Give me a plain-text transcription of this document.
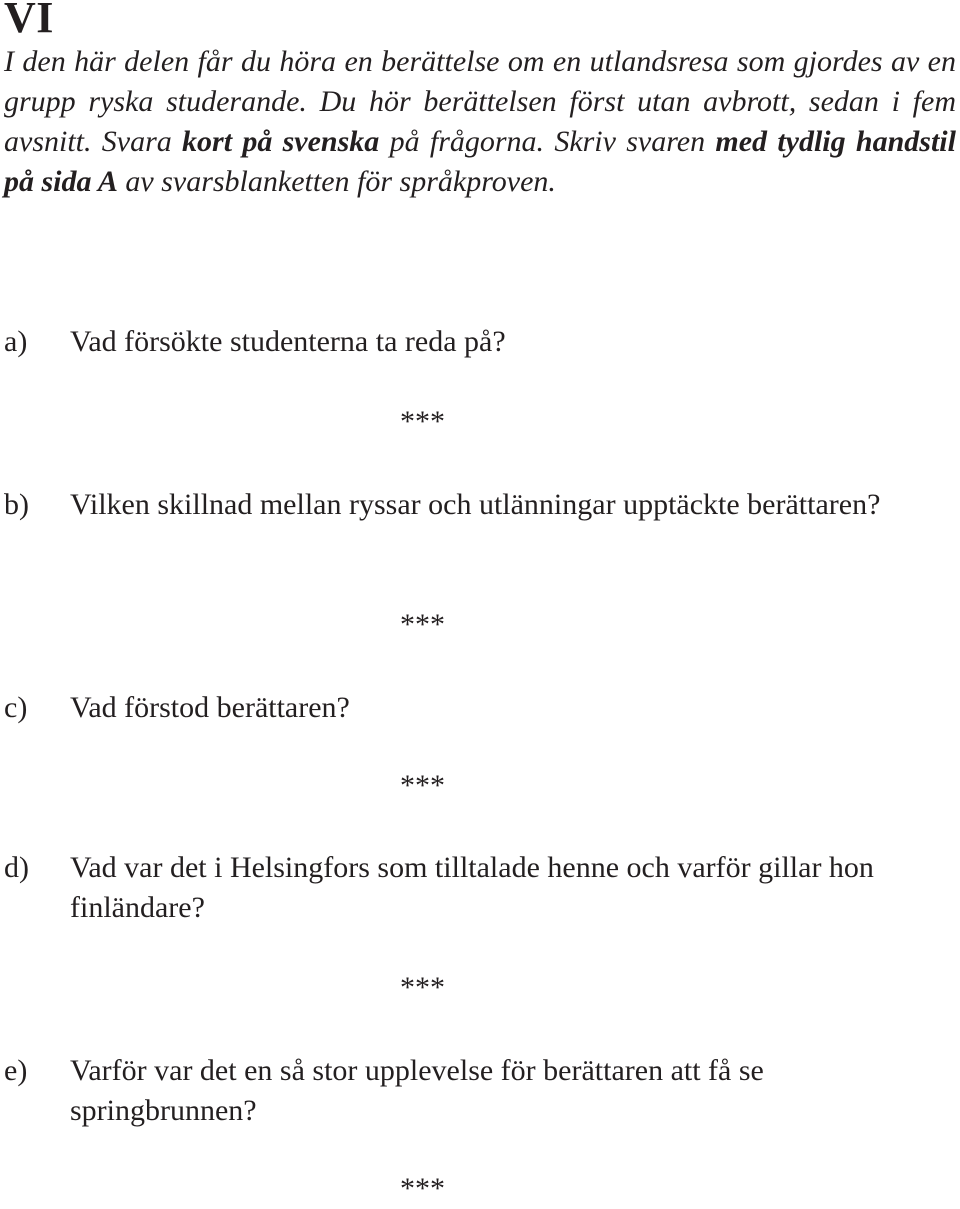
VI

I den här delen får du höra en berättelse om en utlandsresa som gjordes av en grupp ryska studerande. Du hör berättelsen först utan avbrott, sedan i fem avsnitt. Svara kort på svenska på frågorna. Skriv svaren med tydlig handstil på sida A av svarsblanketten för språkproven.

a) Vad försökte studenterna ta reda på?
***
b) Vilken skillnad mellan ryssar och utlänningar upptäckte berättaren?
***
c) Vad förstod berättaren?
***
d) Vad var det i Helsingfors som tilltalade henne och varför gillar hon finländare?
***
e) Varför var det en så stor upplevelse för berättaren att få se springbrunnen?
***
